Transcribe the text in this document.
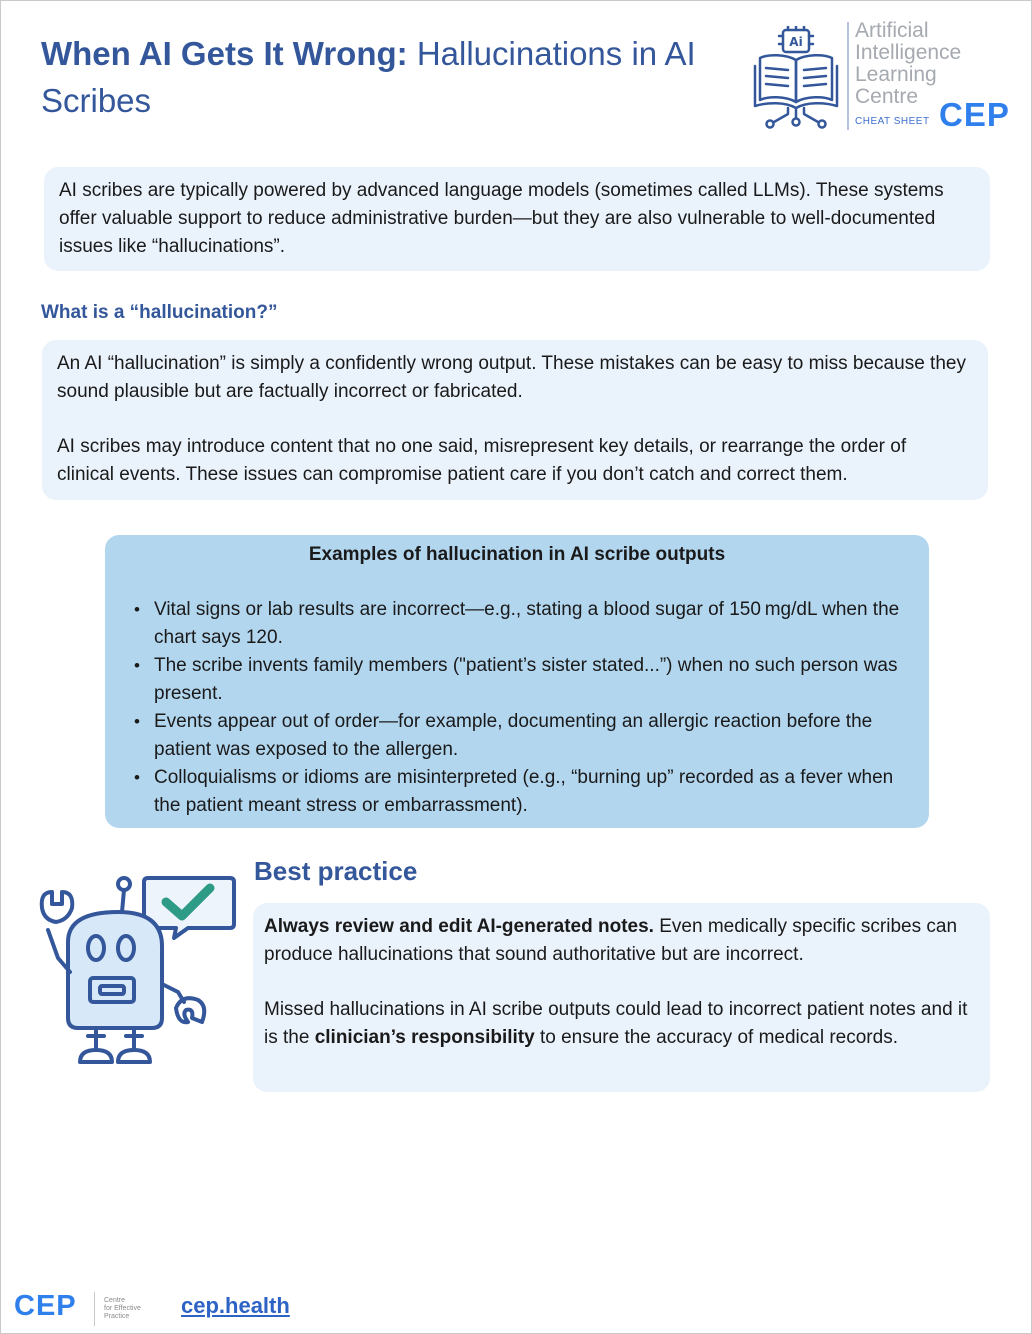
When AI Gets It Wrong: Hallucinations in AI Scribes
Ai Artificial
Intelligence
Learning
Centre
CHEAT SHEET CEP

AI scribes are typically powered by advanced language models (sometimes called LLMs). These systems offer valuable support to reduce administrative burden—but they are also vulnerable to well-documented issues like “hallucinations”.

What is a “hallucination?”

An AI “hallucination” is simply a confidently wrong output. These mistakes can be easy to miss because they sound plausible but are factually incorrect or fabricated.

AI scribes may introduce content that no one said, misrepresent key details, or rearrange the order of clinical events. These issues can compromise patient care if you don’t catch and correct them.

Examples of hallucination in AI scribe outputs

• Vital signs or lab results are incorrect—e.g., stating a blood sugar of 150 mg/dL when the chart says 120.
• The scribe invents family members ("patient’s sister stated...”) when no such person was present.
• Events appear out of order—for example, documenting an allergic reaction before the patient was exposed to the allergen.
• Colloquialisms or idioms are misinterpreted (e.g., “burning up” recorded as a fever when the patient meant stress or embarrassment).
Best practice

Always review and edit AI-generated notes. Even medically specific scribes can produce hallucinations that sound authoritative but are incorrect.

Missed hallucinations in AI scribe outputs could lead to incorrect patient notes and it is the clinician’s responsibility to ensure the accuracy of medical records.

CEP	Centre
for Effective
Practice	cep.health
